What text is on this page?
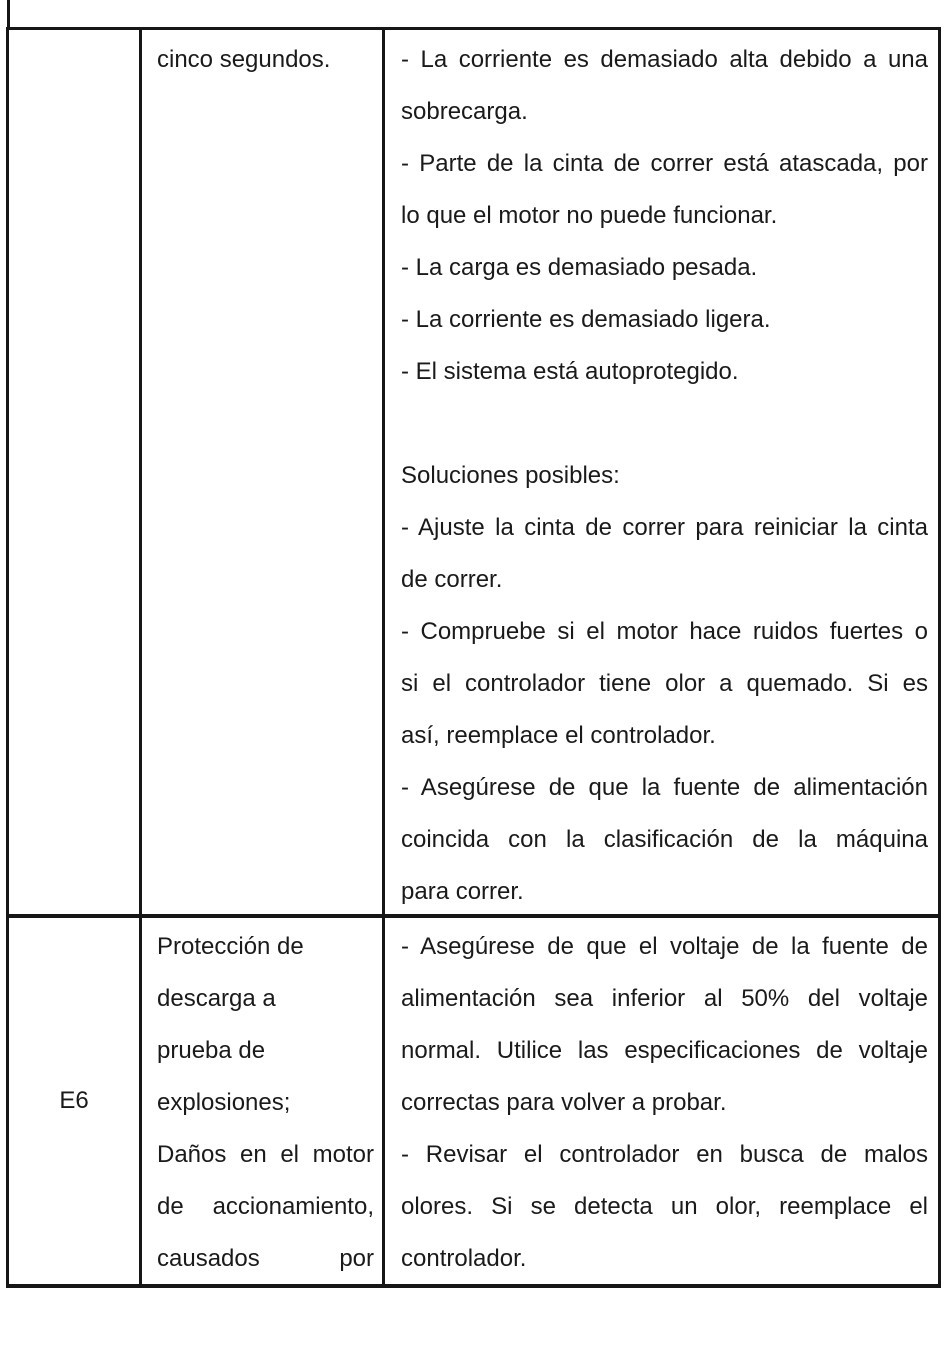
cinco segundos.	- La corriente es demasiado alta debido a una
sobrecarga.
- Parte de la cinta de correr está atascada, por
lo que el motor no puede funcionar.
- La carga es demasiado pesada.
- La corriente es demasiado ligera.
- El sistema está autoprotegido.
Soluciones posibles:
- Ajuste la cinta de correr para reiniciar la cinta
de correr.
- Compruebe si el motor hace ruidos fuertes o
si el controlador tiene olor a quemado. Si es
así, reemplace el controlador.
- Asegúrese de que la fuente de alimentación
coincida con la clasificación de la máquina
para correr.
E6
Protección de
descarga a
prueba de
explosiones;
Daños en el motor
de accionamiento,
causados por
- Asegúrese de que el voltaje de la fuente de
alimentación sea inferior al 50% del voltaje
normal. Utilice las especificaciones de voltaje
correctas para volver a probar.
- Revisar el controlador en busca de malos
olores. Si se detecta un olor, reemplace el
controlador.
